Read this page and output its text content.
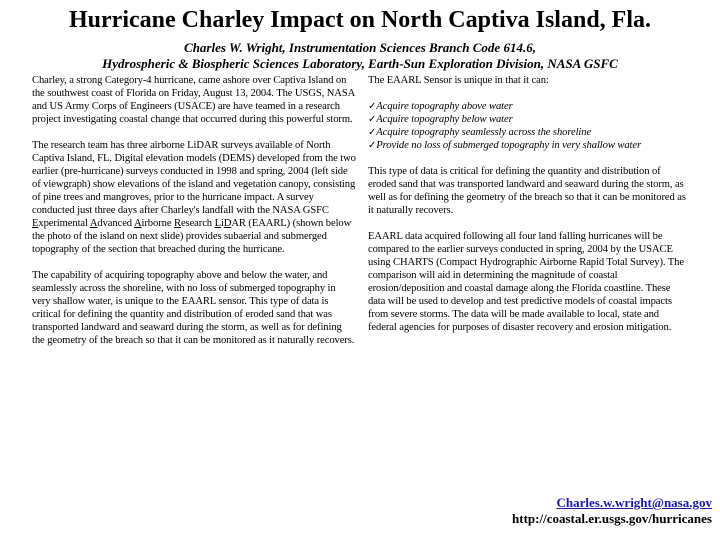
Hurricane Charley Impact on North Captiva Island, Fla.
Charles W. Wright, Instrumentation Sciences Branch Code 614.6,
Hydrospheric & Biospheric Sciences Laboratory, Earth-Sun Exploration Division, NASA GSFC

Charley, a strong Category-4 hurricane, came ashore over Captiva Island on the southwest coast of Florida on Friday, August 13, 2004. The USGS, NASA and US Army Corps of Engineers (USACE) are have teamed in a research project investigating coastal change that occurred during this powerful storm.

The research team has three airborne LiDAR surveys available of North Captiva Island, FL. Digital elevation models (DEMS) developed from the two earlier (pre-hurricane) surveys conducted in 1998 and spring, 2004 (left side of viewgraph) show elevations of the island and vegetation canopy, consisting of pine trees and mangroves, prior to the hurricane impact. A survey conducted just three days after Charley's landfall with the NASA GSFC Experimental Advanced Airborne Research LiDAR (EAARL) (shown below the photo of the island on next slide) provides subaerial and submerged topography of the section that breached during the hurricane.

The capability of acquiring topography above and below the water, and seamlessly across the shoreline, with no loss of submerged topography in very shallow water, is unique to the EAARL sensor. This type of data is critical for defining the quantity and distribution of eroded sand that was transported landward and seaward during the storm, as well as for defining the geometry of the breach so that it can be monitored as it naturally recovers.

The EAARL Sensor is unique in that it can:

✓Acquire topography above water
✓Acquire topography below water
✓Acquire topography seamlessly across the shoreline
✓Provide no loss of submerged topography in very shallow water

This type of data is critical for defining the quantity and distribution of eroded sand that was transported landward and seaward during the storm, as well as for defining the geometry of the breach so that it can be monitored as it naturally recovers.

EAARL data acquired following all four land falling hurricanes will be compared to the earlier surveys conducted in spring, 2004 by the USACE using CHARTS (Compact Hydrographic Airborne Rapid Total Survey). The comparison will aid in determining the magnitude of coastal erosion/deposition and coastal damage along the Florida coastline. These data will be used to develop and test predictive models of coastal impacts from severe storms. The data will be made available to local, state and federal agencies for purposes of disaster recovery and erosion mitigation.

Charles.w.wright@nasa.gov
http://coastal.er.usgs.gov/hurricanes
